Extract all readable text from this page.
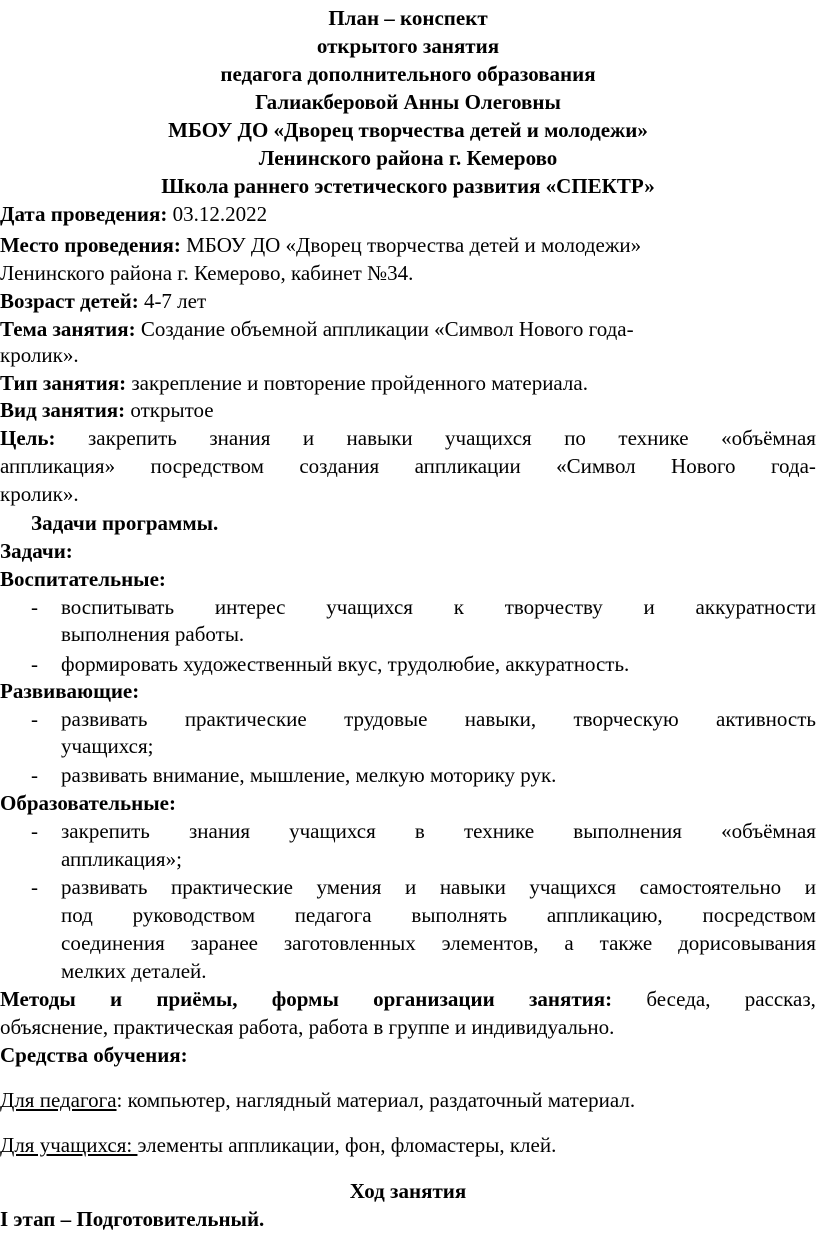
План – конспект
открытого занятия
педагога дополнительного образования
Галиакберовой Анны Олеговны
МБОУ ДО «Дворец творчества детей и молодежи»
Ленинского района г. Кемерово
Школа раннего эстетического развития «СПЕКТР»
Дата проведения: 03.12.2022
Место проведения: МБОУ ДО «Дворец творчества детей и молодежи»
Ленинского района г. Кемерово, кабинет №34.
Возраст детей: 4-7 лет
Тема занятия: Создание объемной аппликации «Символ Нового года-
кролик».
Тип занятия: закрепление и повторение пройденного материала.
Вид занятия: открытое
Цель: закрепить знания и навыки учащихся по технике «объёмная
аппликация» посредством создания аппликации «Символ Нового года-
кролик».
Задачи программы.
Задачи:
Воспитательные:
- воспитывать интерес учащихся к творчеству и аккуратности
выполнения работы.
- формировать художественный вкус, трудолюбие, аккуратность.
Развивающие:
- развивать практические трудовые навыки, творческую активность
учащихся;
- развивать внимание, мышление, мелкую моторику рук.
Образовательные:
- закрепить знания учащихся в технике выполнения «объёмная
аппликация»;
- развивать практические умения и навыки учащихся самостоятельно и
под руководством педагога выполнять аппликацию, посредством
соединения заранее заготовленных элементов, а также дорисовывания
мелких деталей.
Методы и приёмы, формы организации занятия: беседа, рассказ,
объяснение, практическая работа, работа в группе и индивидуально.
Средства обучения:
Для педагога: компьютер, наглядный материал, раздаточный материал.
Для учащихся: элементы аппликации, фон, фломастеры, клей.
Ход занятия
I этап – Подготовительный.
